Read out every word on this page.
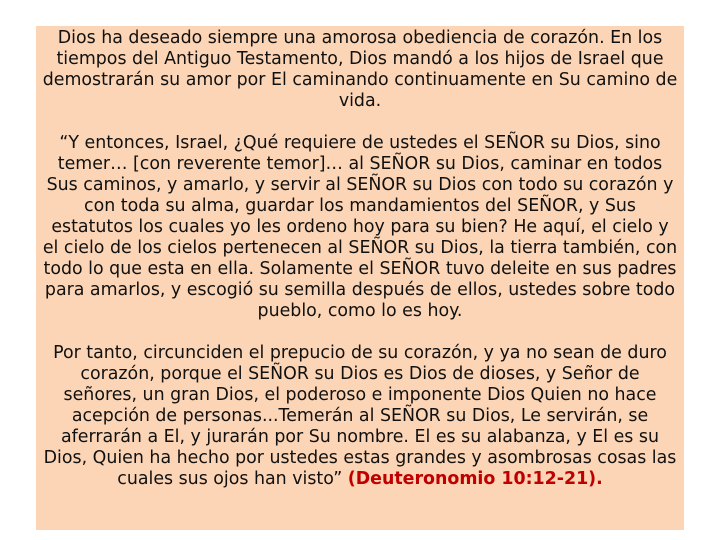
Dios ha deseado siempre una amorosa obediencia de corazón. En los tiempos del Antiguo Testamento, Dios mandó a los hijos de Israel que demostrarán su amor por El caminando continuamente en Su camino de vida.

“Y entonces, Israel, ¿Qué requiere de ustedes el SEÑOR su Dios, sino temer… [con reverente temor]… al SEÑOR su Dios, caminar en todos Sus caminos, y amarlo, y servir al SEÑOR su Dios con todo su corazón y con toda su alma, guardar los mandamientos del SEÑOR, y Sus estatutos los cuales yo les ordeno hoy para su bien? He aquí, el cielo y el cielo de los cielos pertenecen al SEÑOR su Dios, la tierra también, con todo lo que esta en ella. Solamente el SEÑOR tuvo deleite en sus padres para amarlos, y escogió su semilla después de ellos, ustedes sobre todo pueblo, como lo es hoy.

Por tanto, circunciden el prepucio de su corazón, y ya no sean de duro corazón, porque el SEÑOR su Dios es Dios de dioses, y Señor de señores, un gran Dios, el poderoso e imponente Dios Quien no hace acepción de personas...Temerán al SEÑOR su Dios, Le servirán, se aferrarán a El, y jurarán por Su nombre. El es su alabanza, y El es su Dios, Quien ha hecho por ustedes estas grandes y asombrosas cosas las cuales sus ojos han visto” (Deuteronomio 10:12-21).
